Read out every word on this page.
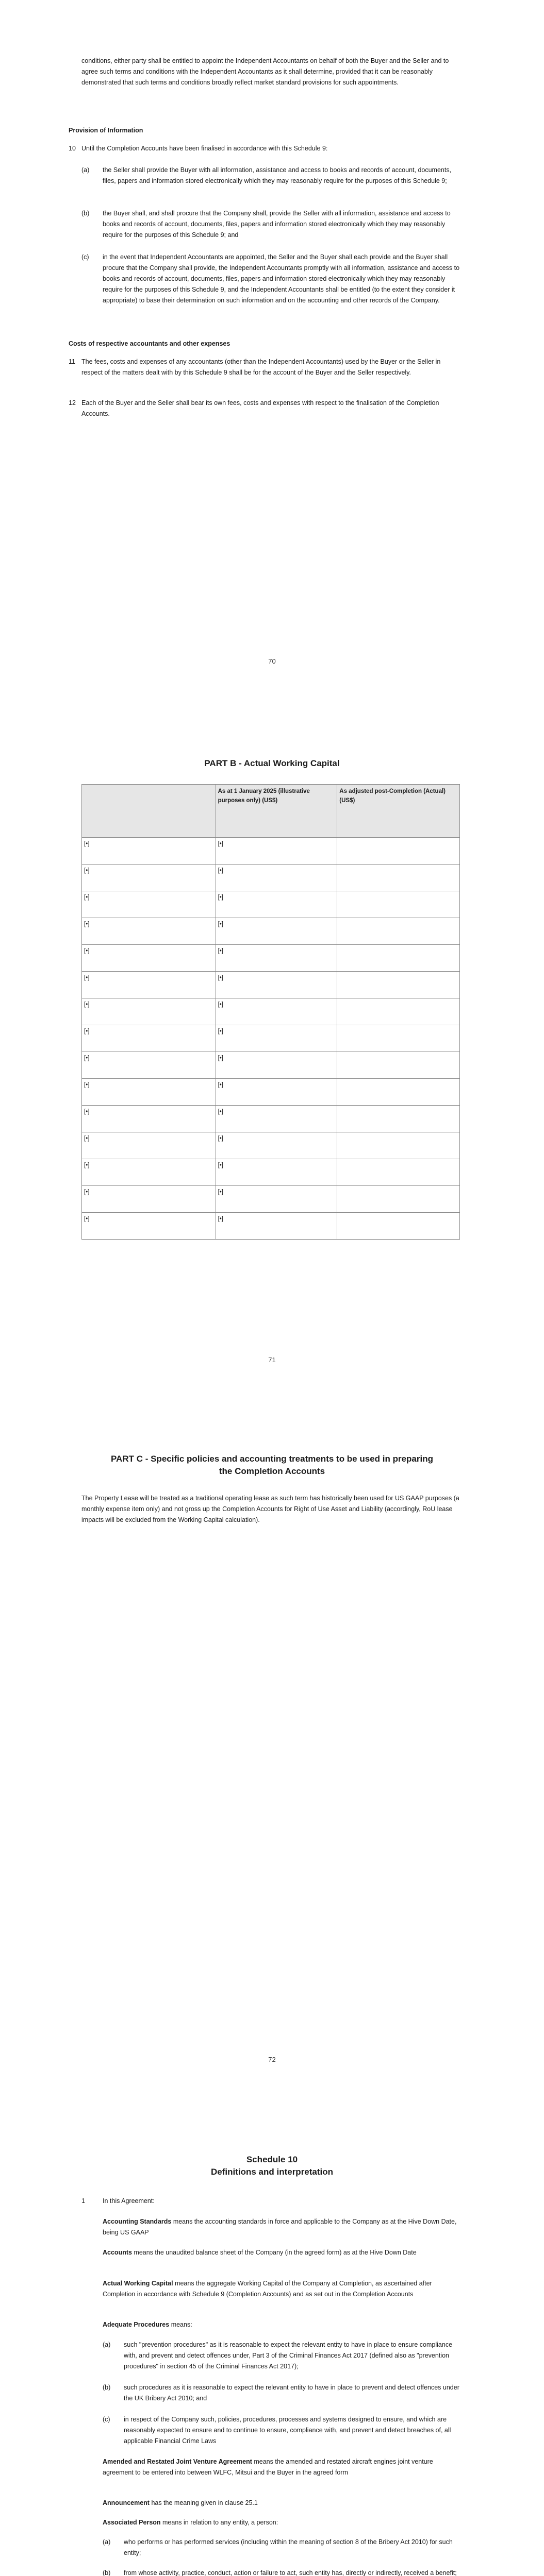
conditions, either party shall be entitled to appoint the Independent Accountants on behalf of both the Buyer and the Seller and to agree such terms and conditions with the Independent Accountants as it shall determine, provided that it can be reasonably demonstrated that such terms and conditions broadly reflect market standard provisions for such appointments.
Provision of Information
10 Until the Completion Accounts have been finalised in accordance with this Schedule 9:
(a)	the Seller shall provide the Buyer with all information, assistance and access to books and records of account, documents, files, papers and information stored electronically which they may reasonably require for the purposes of this Schedule 9;
(b)	the Buyer shall, and shall procure that the Company shall, provide the Seller with all information, assistance and access to books and records of account, documents, files, papers and information stored electronically which they may reasonably require for the purposes of this Schedule 9; and
(c)	in the event that Independent Accountants are appointed, the Seller and the Buyer shall each provide and the Buyer shall procure that the Company shall provide, the Independent Accountants promptly with all information, assistance and access to books and records of account, documents, files, papers and information stored electronically which they may reasonably require for the purposes of this Schedule 9, and the Independent Accountants shall be entitled (to the extent they consider it appropriate) to base their determination on such information and on the accounting and other records of the Company.
Costs of respective accountants and other expenses
11 The fees, costs and expenses of any accountants (other than the Independent Accountants) used by the Buyer or the Seller in respect of the matters dealt with by this Schedule 9 shall be for the account of the Buyer and the Seller respectively.
12 Each of the Buyer and the Seller shall bear its own fees, costs and expenses with respect to the finalisation of the Completion Accounts.
70
PART B - Actual Working Capital
	As at 1 January 2025 (illustrative purposes only) (US$)	As adjusted post-Completion (Actual) (US$)
[•]	[•]	
[•]	[•]	
[•]	[•]	
[•]	[•]	
[•]	[•]	
[•]	[•]	
[•]	[•]	
[•]	[•]	
[•]	[•]	
[•]	[•]	
[•]	[•]	
[•]	[•]	
[•]	[•]	
[•]	[•]	
[•]	[•]	
71
PART C - Specific policies and accounting treatments to be used in preparing
the Completion Accounts
The Property Lease will be treated as a traditional operating lease as such term has historically been used for US GAAP purposes (a monthly expense item only) and not gross up the Completion Accounts for Right of Use Asset and Liability (accordingly, RoU lease impacts will be excluded from the Working Capital calculation).
72
Schedule 10
Definitions and interpretation
1	In this Agreement:
Accounting Standards means the accounting standards in force and applicable to the Company as at the Hive Down Date, being US GAAP
Accounts means the unaudited balance sheet of the Company (in the agreed form) as at the Hive Down Date
Actual Working Capital means the aggregate Working Capital of the Company at Completion, as ascertained after Completion in accordance with Schedule 9 (Completion Accounts) and as set out in the Completion Accounts
Adequate Procedures means:
(a)	such "prevention procedures" as it is reasonable to expect the relevant entity to have in place to ensure compliance with, and prevent and detect offences under, Part 3 of the Criminal Finances Act 2017 (defined also as "prevention procedures" in section 45 of the Criminal Finances Act 2017);
(b)	such procedures as it is reasonable to expect the relevant entity to have in place to prevent and detect offences under the UK Bribery Act 2010; and
(c)	in respect of the Company such, policies, procedures, processes and systems designed to ensure, and which are reasonably expected to ensure and to continue to ensure, compliance with, and prevent and detect breaches of, all applicable Financial Crime Laws
Amended and Restated Joint Venture Agreement means the amended and restated aircraft engines joint venture agreement to be entered into between WLFC, Mitsui and the Buyer in the agreed form
Announcement has the meaning given in clause 25.1
Associated Person means in relation to any entity, a person:
(a)	who performs or has performed services (including within the meaning of section 8 of the Bribery Act 2010) for such entity;
(b)	from whose activity, practice, conduct, action or failure to act, such entity has, directly or indirectly, received a benefit;
